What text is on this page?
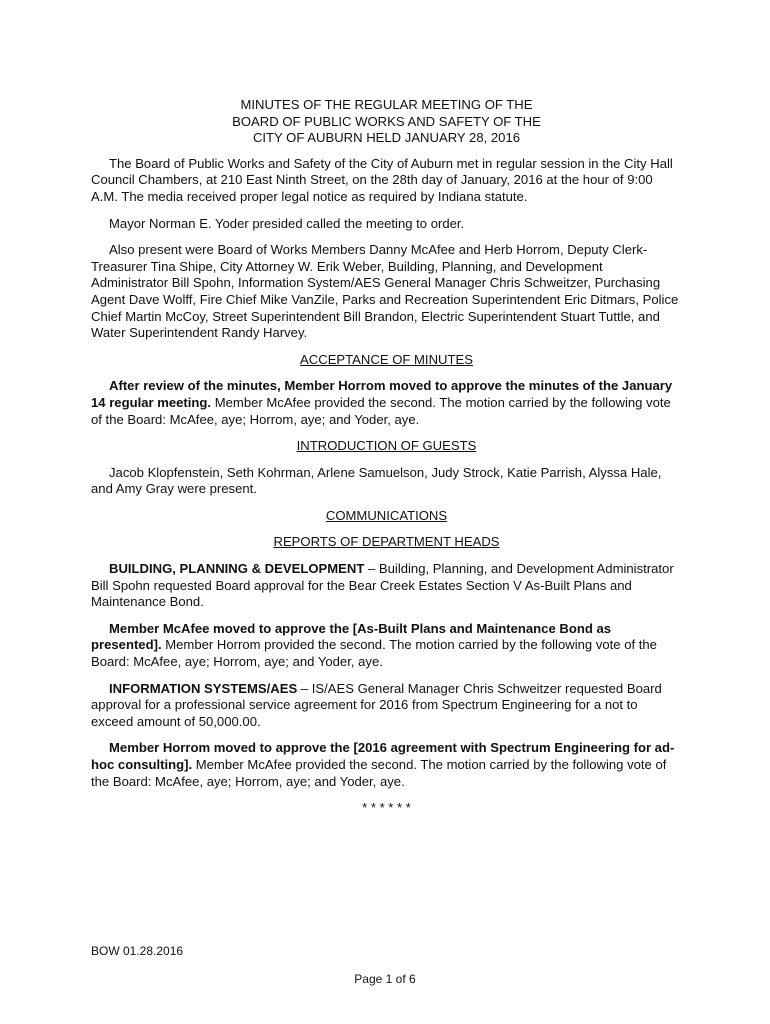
MINUTES OF THE REGULAR MEETING OF THE
BOARD OF PUBLIC WORKS AND SAFETY OF THE
CITY OF AUBURN HELD JANUARY 28, 2016

The Board of Public Works and Safety of the City of Auburn met in regular session in the City Hall Council Chambers, at 210 East Ninth Street, on the 28th day of January, 2016 at the hour of 9:00 A.M. The media received proper legal notice as required by Indiana statute.

Mayor Norman E. Yoder presided called the meeting to order.

Also present were Board of Works Members Danny McAfee and Herb Horrom, Deputy Clerk-Treasurer Tina Shipe, City Attorney W. Erik Weber, Building, Planning, and Development Administrator Bill Spohn, Information System/AES General Manager Chris Schweitzer, Purchasing Agent Dave Wolff, Fire Chief Mike VanZile, Parks and Recreation Superintendent Eric Ditmars, Police Chief Martin McCoy, Street Superintendent Bill Brandon, Electric Superintendent Stuart Tuttle, and Water Superintendent Randy Harvey.

ACCEPTANCE OF MINUTES

After review of the minutes, Member Horrom moved to approve the minutes of the January 14 regular meeting. Member McAfee provided the second. The motion carried by the following vote of the Board: McAfee, aye; Horrom, aye; and Yoder, aye.

INTRODUCTION OF GUESTS

Jacob Klopfenstein, Seth Kohrman, Arlene Samuelson, Judy Strock, Katie Parrish, Alyssa Hale, and Amy Gray were present.

COMMUNICATIONS
REPORTS OF DEPARTMENT HEADS

BUILDING, PLANNING & DEVELOPMENT – Building, Planning, and Development Administrator Bill Spohn requested Board approval for the Bear Creek Estates Section V As-Built Plans and Maintenance Bond.

Member McAfee moved to approve the [As-Built Plans and Maintenance Bond as presented]. Member Horrom provided the second. The motion carried by the following vote of the Board: McAfee, aye; Horrom, aye; and Yoder, aye.

INFORMATION SYSTEMS/AES – IS/AES General Manager Chris Schweitzer requested Board approval for a professional service agreement for 2016 from Spectrum Engineering for a not to exceed amount of 50,000.00.

Member Horrom moved to approve the [2016 agreement with Spectrum Engineering for ad-hoc consulting]. Member McAfee provided the second. The motion carried by the following vote of the Board: McAfee, aye; Horrom, aye; and Yoder, aye.

* * * * * *
BOW 01.28.2016
Page 1 of 6
